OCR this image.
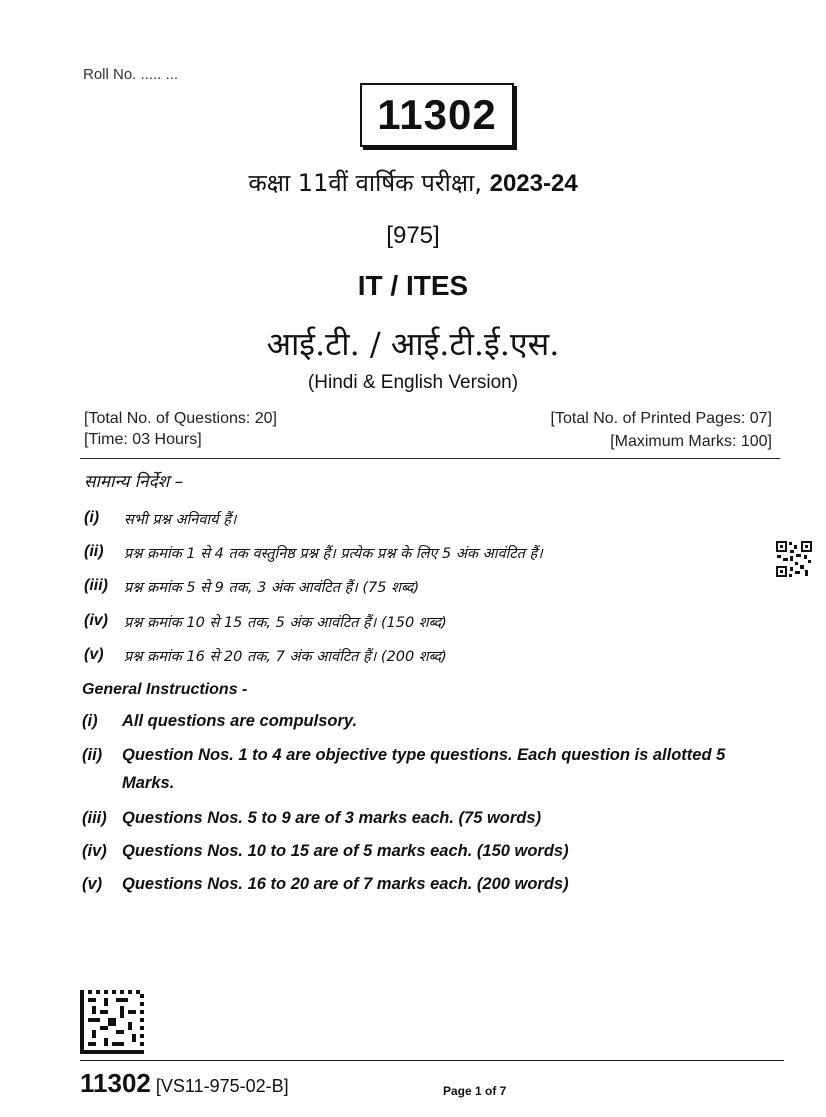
Roll No. ..... ...
11302
कक्षा 11वीं वार्षिक परीक्षा, 2023-24
[975]
IT / ITES
आई.टी. / आई.टी.ई.एस.
(Hindi & English Version)
[Total No. of Questions: 20]
[Time: 03 Hours]
[Total No. of Printed Pages: 07]
[Maximum Marks: 100]
सामान्य निर्देश –
(i)	सभी प्रश्न अनिवार्य हैं।
(ii)	प्रश्न क्रमांक 1 से 4 तक वस्तुनिष्ठ प्रश्न हैं। प्रत्येक प्रश्न के लिए 5 अंक आवंटित हैं।
(iii)	प्रश्न क्रमांक 5 से 9 तक, 3 अंक आवंटित हैं। (75 शब्द)
(iv)	प्रश्न क्रमांक 10 से 15 तक, 5 अंक आवंटित हैं। (150 शब्द)
(v)	प्रश्न क्रमांक 16 से 20 तक, 7 अंक आवंटित हैं। (200 शब्द)
General Instructions -
(i)	All questions are compulsory.
(ii)	Question Nos. 1 to 4 are objective type questions. Each question is allotted 5 Marks.
(iii) Questions Nos. 5 to 9 are of 3 marks each. (75 words)
(iv) Questions Nos. 10 to 15 are of 5 marks each. (150 words)
(v)	Questions Nos. 16 to 20 are of 7 marks each. (200 words)
11302 [VS11-975-02-B]	Page 1 of 7
